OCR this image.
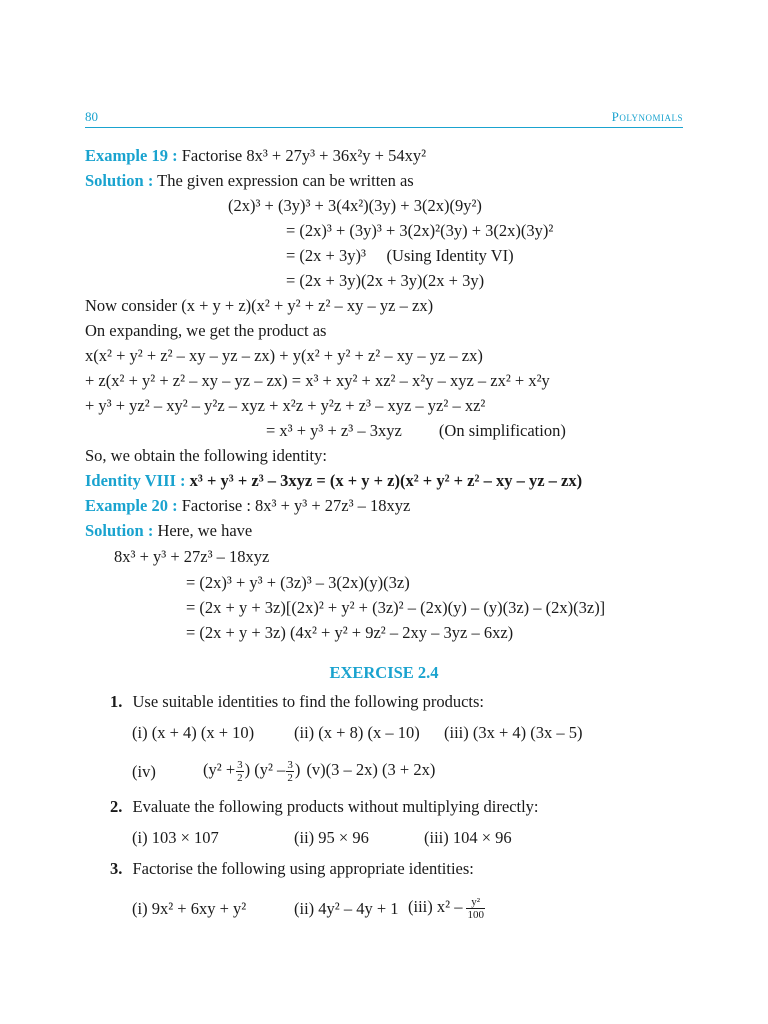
80	Polynomials
Example 19 : Factorise 8x³ + 27y³ + 36x²y + 54xy²
Solution : The given expression can be written as
(2x)³ + (3y)³ + 3(4x²)(3y) + 3(2x)(9y²)
= (2x)³ + (3y)³ + 3(2x)²(3y) + 3(2x)(3y)²
= (2x + 3y)³     (Using Identity VI)
= (2x + 3y)(2x + 3y)(2x + 3y)
Now consider (x + y + z)(x² + y² + z² – xy – yz – zx)
On expanding, we get the product as
x(x² + y² + z² – xy – yz – zx) + y(x² + y² + z² – xy – yz – zx)
+ z(x² + y² + z² – xy – yz – zx) = x³ + xy² + xz² – x²y – xyz – zx² + x²y
+ y³ + yz² – xy² – y²z – xyz + x²z + y²z + z³ – xyz – yz² – xz²
= x³ + y³ + z³ – 3xyz         (On simplification)
So, we obtain the following identity:
Identity VIII : x³ + y³ + z³ – 3xyz = (x + y + z)(x² + y² + z² – xy – yz – zx)
Example 20 : Factorise : 8x³ + y³ + 27z³ – 18xyz
Solution : Here, we have
8x³ + y³ + 27z³ – 18xyz
= (2x)³ + y³ + (3z)³ – 3(2x)(y)(3z)
= (2x + y + 3z)[(2x)² + y² + (3z)² – (2x)(y) – (y)(3z) – (2x)(3z)]
= (2x + y + 3z) (4x² + y² + 9z² – 2xy – 3yz – 6xz)
EXERCISE 2.4
1. Use suitable identities to find the following products:
(i) (x + 4) (x + 10) (ii) (x + 8) (x – 10) (iii) (3x + 4) (3x – 5)
(iv)	($y^2 + \frac{3}{2}$ ) ($y^2 - \frac{3}{2}$ ) (v)(3 – 2x) (3 + 2x)
2. Evaluate the following products without multiplying directly:
(i) 103 × 107	(ii) 95 × 96	(iii) 104 × 96
3. Factorise the following using appropriate identities:
(i) 9x² + 6xy + y²	(ii) 4y² – 4y + 1 (iii) $x^2 - \frac{\text{y²}}{100}$
